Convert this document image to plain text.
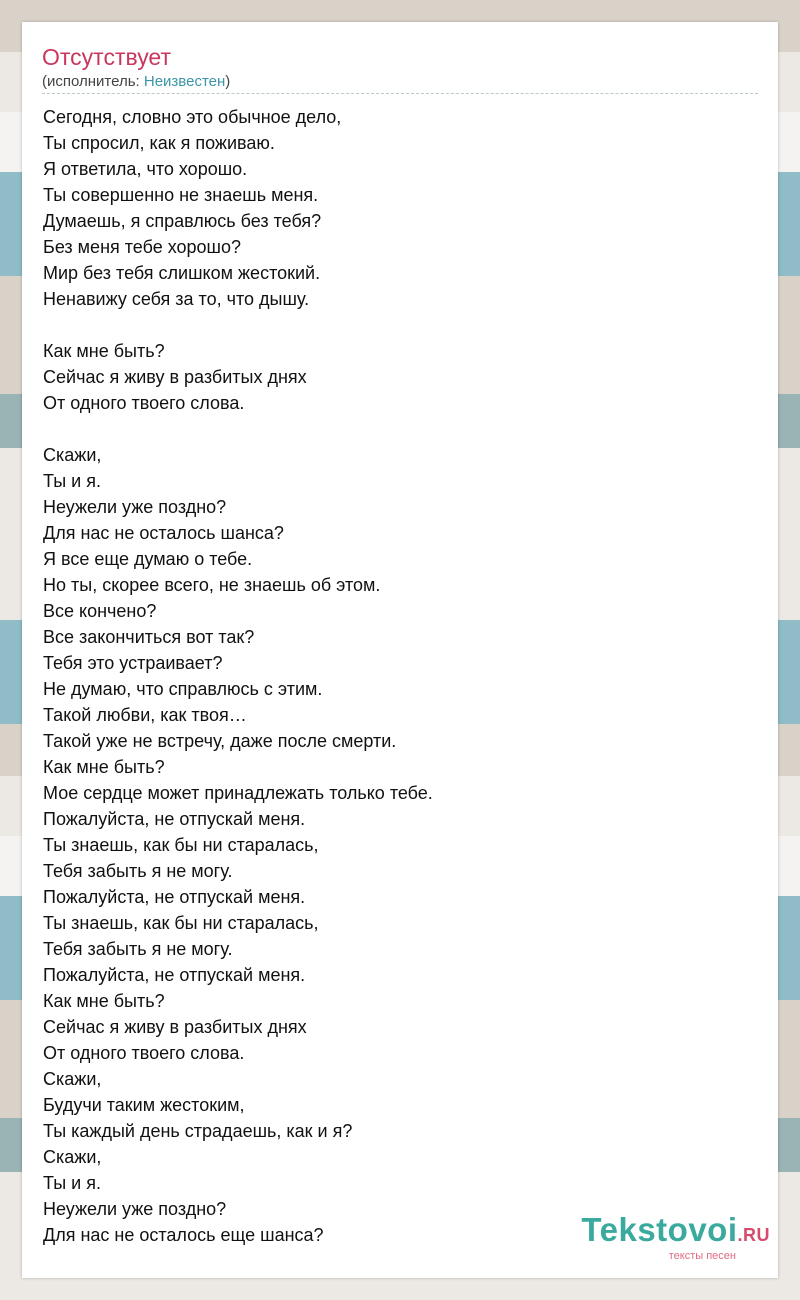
Отсутствует
(исполнитель: Неизвестен)
Сегодня, словно это обычное дело,
Ты спросил, как я поживаю.
Я ответила, что хорошо.
Ты совершенно не знаешь меня.
Думаешь, я справлюсь без тебя?
Без меня тебе хорошо?
Мир без тебя слишком жестокий.
Ненавижу себя за то, что дышу.
Как мне быть?
Сейчас я живу в разбитых днях
От одного твоего слова.
Скажи,
Ты и я.
Неужели уже поздно?
Для нас не осталось шанса?
Я все еще думаю о тебе.
Но ты, скорее всего, не знаешь об этом.
Все кончено?
Все закончиться вот так?
Тебя это устраивает?
Не думаю, что справлюсь с этим.
Такой любви, как твоя…
Такой уже не встречу, даже после смерти.
Как мне быть?
Мое сердце может принадлежать только тебе.
Пожалуйста, не отпускай меня.
Ты знаешь, как бы ни старалась,
Тебя забыть я не могу.
Пожалуйста, не отпускай меня.
Ты знаешь, как бы ни старалась,
Тебя забыть я не могу.
Пожалуйста, не отпускай меня.
Как мне быть?
Сейчас я живу в разбитых днях
От одного твоего слова.
Скажи,
Будучи таким жестоким,
Ты каждый день страдаешь, как и я?
Скажи,
Ты и я.
Неужели уже поздно?
Для нас не осталось еще шанса?	Tekstovoi.RU
тексты песен
